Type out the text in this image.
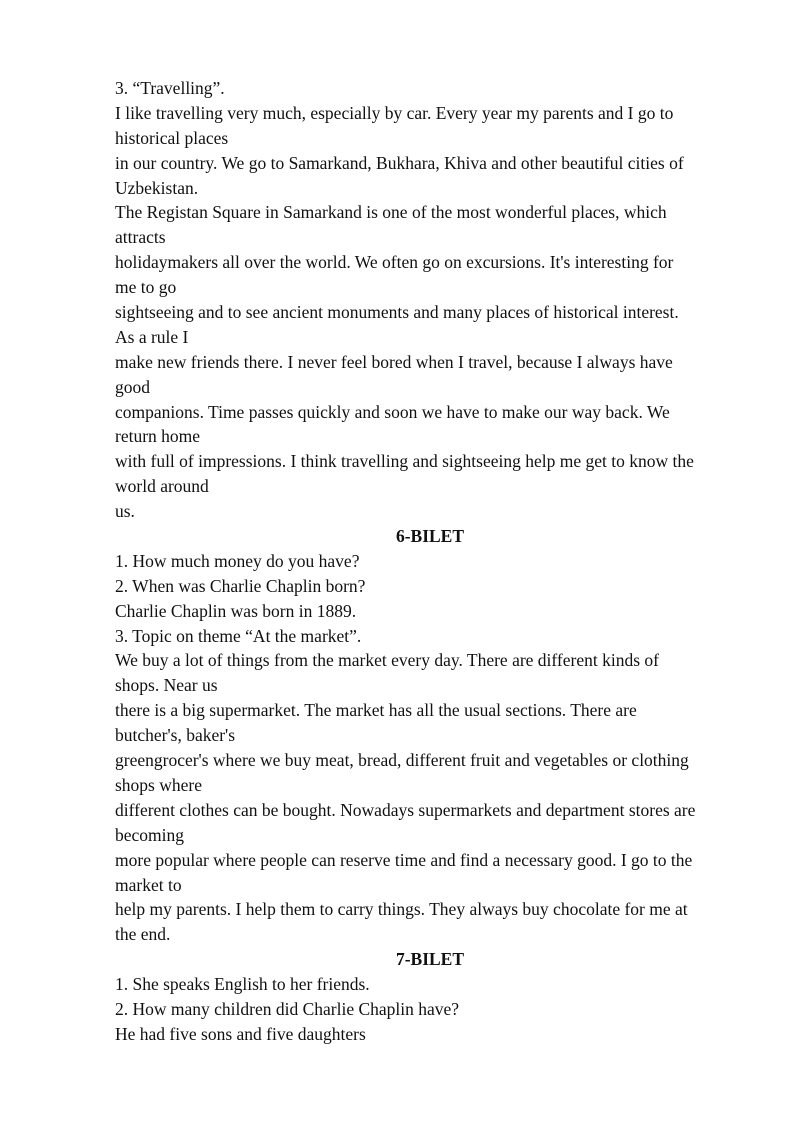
3. “Travelling”.
I like travelling very much, especially by car. Every year my parents and I go to
historical places
in our country. We go to Samarkand, Bukhara, Khiva and other beautiful cities of
Uzbekistan.
The Registan Square in Samarkand is one of the most wonderful places, which
attracts
holidaymakers all over the world. We often go on excursions. It's interesting for
me to go
sightseeing and to see ancient monuments and many places of historical interest.
As a rule I
make new friends there. I never feel bored when I travel, because I always have
good
companions. Time passes quickly and soon we have to make our way back. We
return home
with full of impressions. I think travelling and sightseeing help me get to know the
world around
us.
6-BILET
1. How much money do you have?
2. When was Charlie Chaplin born?
Charlie Chaplin was born in 1889.
3. Topic on theme “At the market”.
We buy a lot of things from the market every day. There are different kinds of
shops. Near us
there is a big supermarket. The market has all the usual sections. There are
butcher's, baker's
greengrocer's where we buy meat, bread, different fruit and vegetables or clothing
shops where
different clothes can be bought. Nowadays supermarkets and department stores are
becoming
more popular where people can reserve time and find a necessary good. I go to the
market to
help my parents. I help them to carry things. They always buy chocolate for me at
the end.
7-BILET
1. She speaks English to her friends.
2. How many children did Charlie Chaplin have?
He had five sons and five daughters
